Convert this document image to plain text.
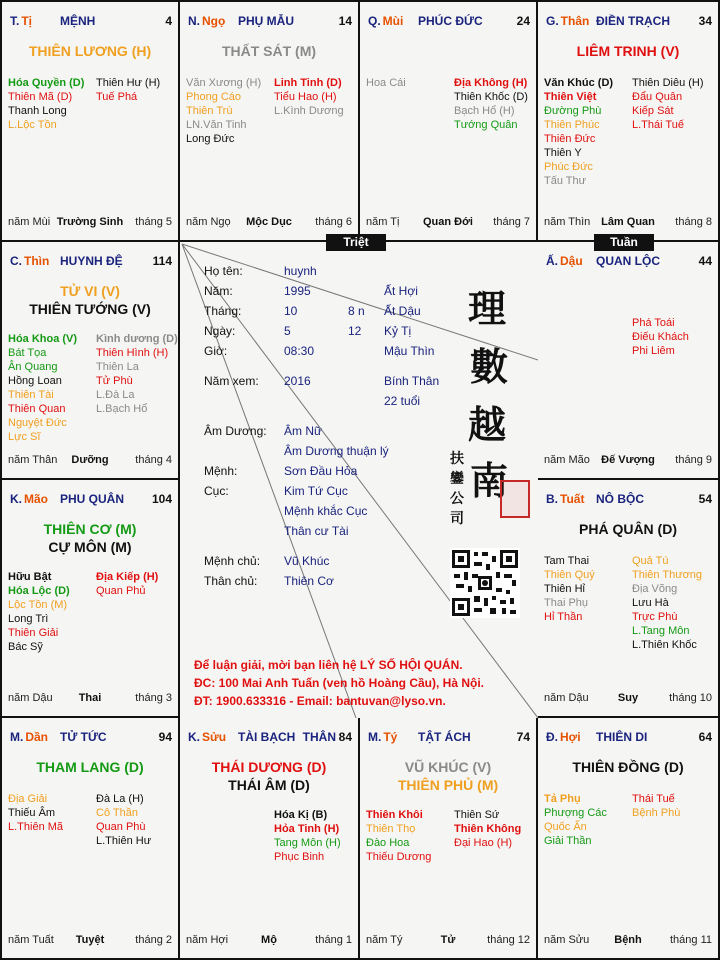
T. Tị MỆNH	4
THIÊN LƯƠNG (H)
Hóa Quyền (D)
Thiên Mã (D)
Thanh Long
L.Lộc Tồn
Thiên Hư (H)
Tuế Phá
năm Mùi Trường Sinh	tháng 5
N. Ngọ PHỤ MẪU	14
THẤT SÁT (M)
Văn Xương (H)
Phong Cáo
Thiên Trù
LN.Văn Tinh
Long Đức
Linh Tinh (D)
Tiểu Hao (H)
L.Kình Dương
năm Ngọ	Mộc Dục	tháng 6
Q. Mùi PHÚC ĐỨC	24
Hoa Cái	Địa Không (H)
Thiên Khốc (D)
Bạch Hổ (H)
Tướng Quân
năm Tị	Quan Đới	tháng 7
G. Thân ĐIỀN TRẠCH 34
LIÊM TRINH (V)
Văn Khúc (D)
Thiên Việt
Đường Phù
Thiên Phúc
Thiên Đức
Thiên Y
Phúc Đức
Tấu Thư
Thiên Diêu (H)
Đẩu Quân
Kiếp Sát
L.Thái Tuế
năm Thìn Lâm Quan	tháng 8
C. Thìn HUYNH ĐỆ 114
TỬ VI (V)
THIÊN TƯỚNG (V)
Hóa Khoa (V)
Bát Tọa
Ân Quang
Hồng Loan
Thiên Tài
Thiên Quan
Nguyệt Đức
Lực Sĩ
Kình dương (D)
Thiên Hình (H)
Thiên La
Tử Phù
L.Đà La
L.Bạch Hổ
năm Thân	Dưỡng	tháng 4
Ấ. Dậu QUAN LỘC	44
Phá Toái
Điếu Khách
Phi Liêm
năm Mão	Đế Vượng	tháng 9
K. Mão PHU QUÂN 104
THIÊN CƠ (M)
CỰ MÔN (M)
Hữu Bật
Hóa Lộc (D)
Lộc Tồn (M)
Long Trì
Thiên Giải
Bác Sỹ
Địa Kiếp (H)
Quan Phủ
năm Dậu	Thai	tháng 3
B. Tuất NÔ BỘC	54
PHÁ QUÂN (D)
Tam Thai
Thiên Quý
Thiên Hỉ
Thai Phụ
Hỉ Thần
Quả Tú
Thiên Thương
Địa Võng
Lưu Hà
Trực Phù
L.Tang Môn
L.Thiên Khốc
năm Dậu	Suy	tháng 10
M. Dần TỬ TỨC	94
THAM LANG (D)
Địa Giải
Thiếu Âm
L.Thiên Mã
Đà La (H)
Cô Thần
Quan Phù
L.Thiên Hư
năm Tuất	Tuyệt	tháng 2
K. Sửu TÀI BẠCH THÂN 84
THÁI DƯƠNG (D)
THÁI ÂM (D)
Hóa Kị (B)
Hỏa Tinh (H)
Tang Môn (H)
Phục Binh
năm Hợi	Mộ	tháng 1
M. Tý TẬT ÁCH	74
VŨ KHÚC (V)
THIÊN PHỦ (M)
Thiên Khôi
Thiên Thọ
Đào Hoa
Thiếu Dương
Thiên Sứ
Thiên Không
Đại Hao (H)
năm Tý	Tử	tháng 12
Đ. Hợi THIÊN DI	64
THIÊN ĐỒNG (D)
Tả Phụ
Phượng Các
Quốc Ấn
Giải Thần
Thái Tuế
Bệnh Phù
năm Sửu	Bệnh	tháng 11
Họ tên:	huynh
Năm:	1995	Ất Hợi
Tháng:	10	8 n Ất Dậu
Ngày:	5	12 Kỷ Tị
Giờ:	08:30	Mậu Thìn
Năm xem: 2016	Bính Thân
22 tuổi
Âm Dương: Âm Nữ
Âm Dương thuận lý
Mệnh:	Sơn Đầu Hỏa
Cục:	Kim Tứ Cục
Mệnh khắc Cục
Thân cư Tài
Mệnh chủ: Vũ Khúc
Thân chủ: Thiên Cơ
理
數
越
南
扶
鑾
公
司
Để luận giải, mời bạn liên hệ LÝ SỐ HỘI QUÁN.
ĐC: 100 Mai Anh Tuấn (ven hồ Hoàng Cầu), Hà Nội.
ĐT: 1900.633316 - Email: bantuvan@lyso.vn.
Triệt	Tuần
